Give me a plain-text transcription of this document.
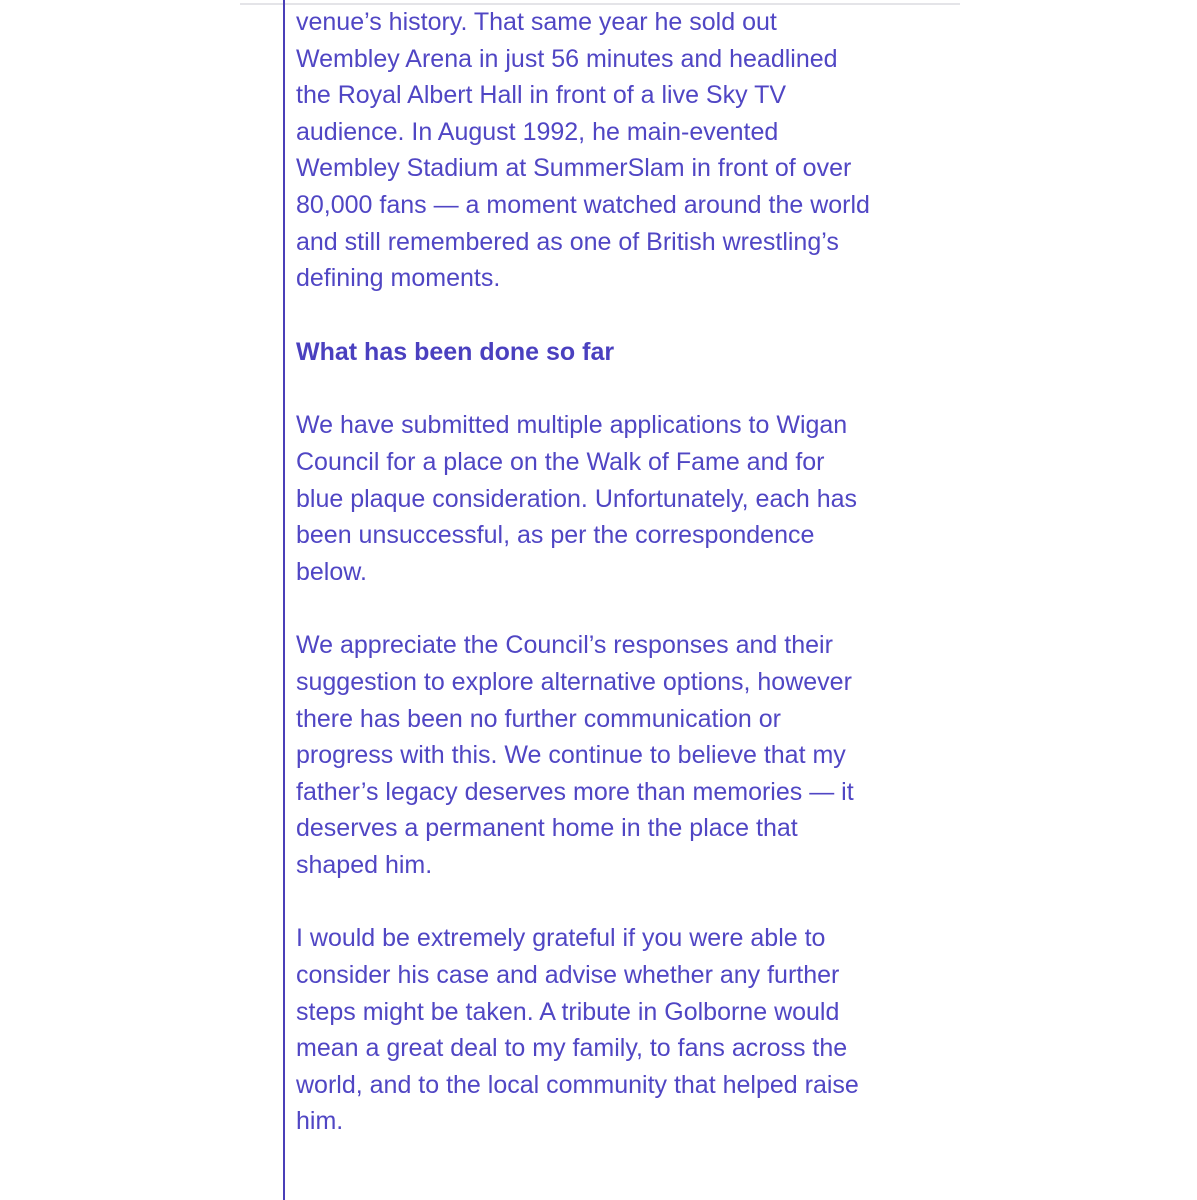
venue’s history. That same year he sold out
Wembley Arena in just 56 minutes and headlined
the Royal Albert Hall in front of a live Sky TV
audience. In August 1992, he main-evented
Wembley Stadium at SummerSlam in front of over
80,000 fans — a moment watched around the world
and still remembered as one of British wrestling’s
defining moments.

What has been done so far

We have submitted multiple applications to Wigan
Council for a place on the Walk of Fame and for
blue plaque consideration. Unfortunately, each has
been unsuccessful, as per the correspondence
below.

We appreciate the Council’s responses and their
suggestion to explore alternative options, however
there has been no further communication or
progress with this. We continue to believe that my
father’s legacy deserves more than memories — it
deserves a permanent home in the place that
shaped him.

I would be extremely grateful if you were able to
consider his case and advise whether any further
steps might be taken. A tribute in Golborne would
mean a great deal to my family, to fans across the
world, and to the local community that helped raise
him.
